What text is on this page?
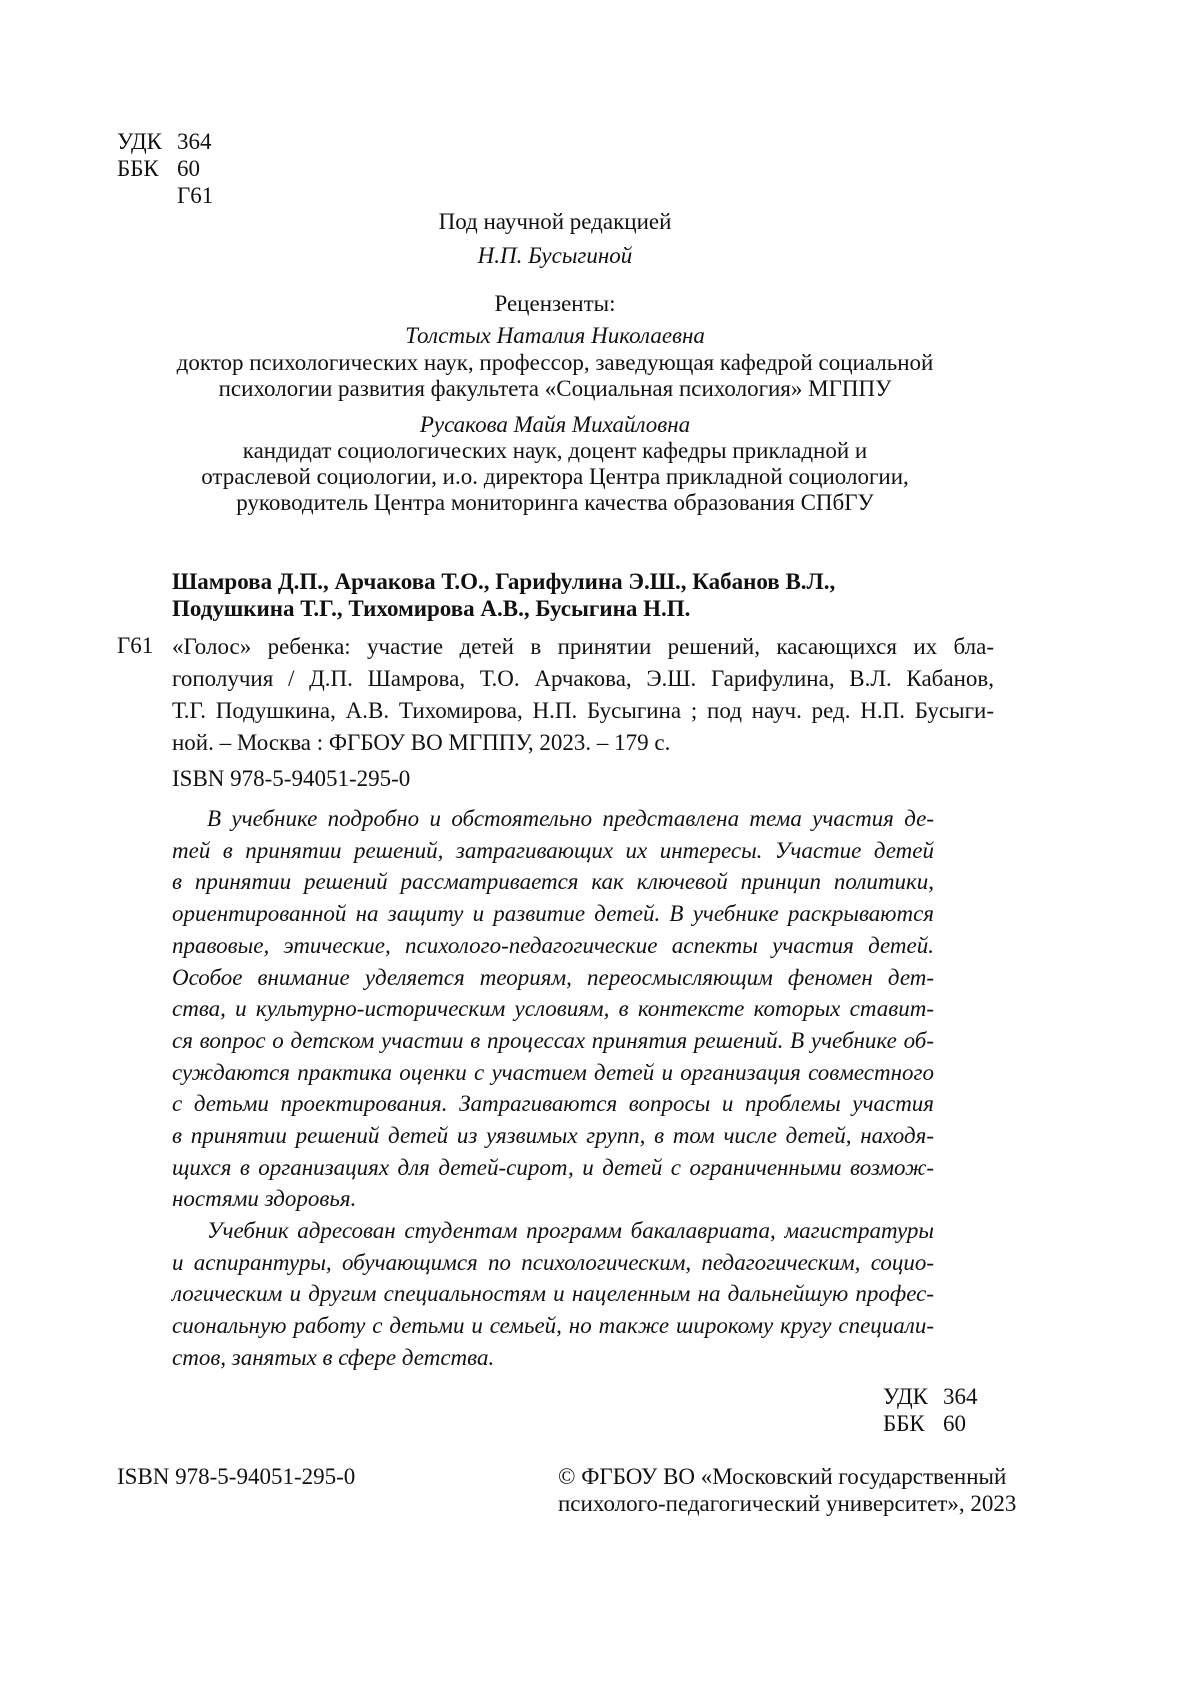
УДК 364
ББК 60
Г61
Под научной редакцией
Н.П. Бусыгиной
Рецензенты:
Толстых Наталия Николаевна
доктор психологических наук, профессор, заведующая кафедрой социальной
психологии развития факультета «Социальная психология» МГППУ
Русакова Майя Михайловна
кандидат социологических наук, доцент кафедры прикладной и
отраслевой социологии, и.о. директора Центра прикладной социологии,
руководитель Центра мониторинга качества образования СПбГУ
Шамрова Д.П., Арчакова Т.О., Гарифулина Э.Ш., Кабанов В.Л.,
Подушкина Т.Г., Тихомирова А.В., Бусыгина Н.П.
Г61 «Голос» ребенка: участие детей в принятии решений, касающихся их бла-
гополучия / Д.П. Шамрова, Т.О. Арчакова, Э.Ш. Гарифулина, В.Л. Кабанов,
Т.Г. Подушкина, А.В. Тихомирова, Н.П. Бусыгина ; под науч. ред. Н.П. Бусыги-
ной. – Москва : ФГБОУ ВО МГППУ, 2023. – 179 с.
ISBN 978-5-94051-295-0
В учебнике подробно и обстоятельно представлена тема участия де-
тей в принятии решений, затрагивающих их интересы. Участие детей
в принятии решений рассматривается как ключевой принцип политики,
ориентированной на защиту и развитие детей. В учебнике раскрываются
правовые, этические, психолого-педагогические аспекты участия детей.
Особое внимание уделяется теориям, переосмысляющим феномен дет-
ства, и культурно-историческим условиям, в контексте которых ставит-
ся вопрос о детском участии в процессах принятия решений. В учебнике об-
суждаются практика оценки с участием детей и организация совместного
с детьми проектирования. Затрагиваются вопросы и проблемы участия
в принятии решений детей из уязвимых групп, в том числе детей, находя-
щихся в организациях для детей-сирот, и детей с ограниченными возмож-
ностями здоровья.
Учебник адресован студентам программ бакалавриата, магистратуры
и аспирантуры, обучающимся по психологическим, педагогическим, социо-
логическим и другим специальностям и нацеленным на дальнейшую профес-
сиональную работу с детьми и семьей, но также широкому кругу специали-
стов, занятых в сфере детства.
УДК 364
ББК 60
ISBN 978-5-94051-295-0	© ФГБОУ ВО «Московский государственный
психолого-педагогический университет», 2023
